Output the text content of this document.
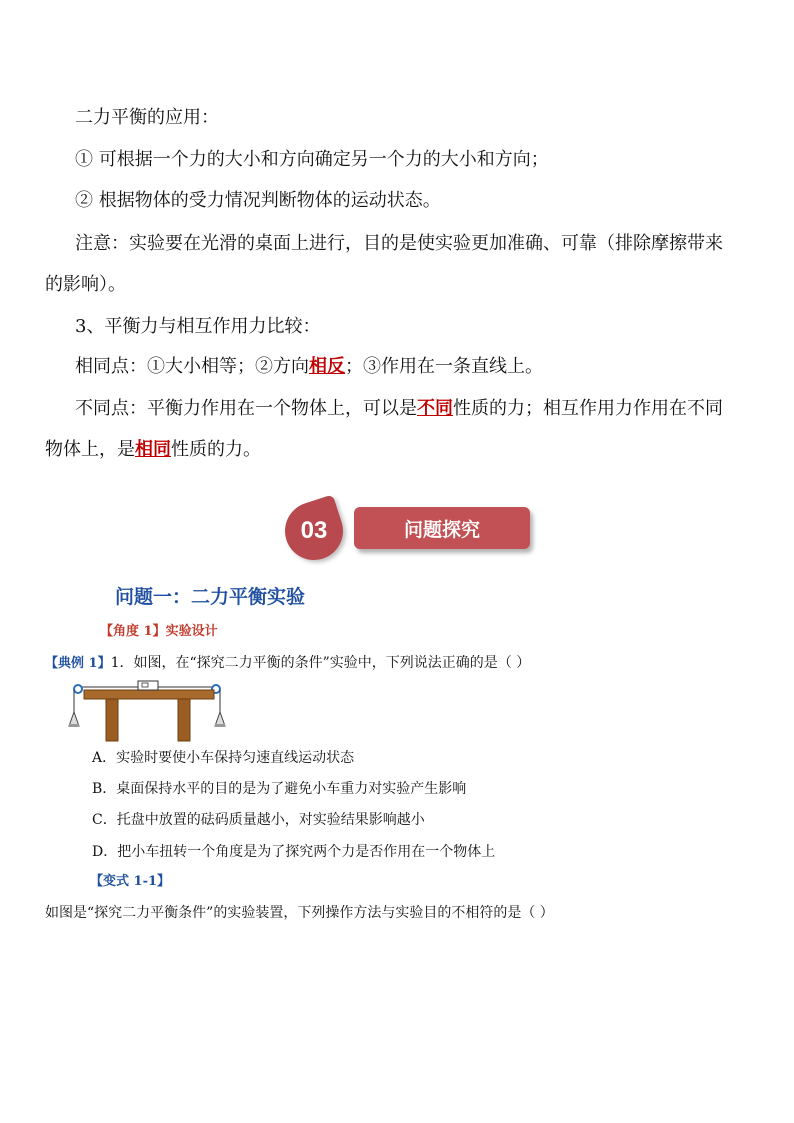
二力平衡的应用：
① 可根据一个力的大小和方向确定另一个力的大小和方向；
② 根据物体的受力情况判断物体的运动状态。
注意：实验要在光滑的桌面上进行，目的是使实验更加准确、可靠（排除摩擦带来
的影响）。
3、平衡力与相互作用力比较：
相同点：①大小相等；②方向相反；③作用在一条直线上。
不同点：平衡力作用在一个物体上，可以是不同性质的力；相互作用力作用在不同
物体上，是相同性质的力。
03	问题探究
问题一：二力平衡实验
【角度 1】实验设计
【典例 1】1．如图，在“探究二力平衡的条件”实验中，下列说法正确的是（ ）
A．实验时要使小车保持匀速直线运动状态
B．桌面保持水平的目的是为了避免小车重力对实验产生影响
C．托盘中放置的砝码质量越小，对实验结果影响越小
D．把小车扭转一个角度是为了探究两个力是否作用在一个物体上
【变式 1-1】
如图是“探究二力平衡条件”的实验装置，下列操作方法与实验目的不相符的是（ ）
